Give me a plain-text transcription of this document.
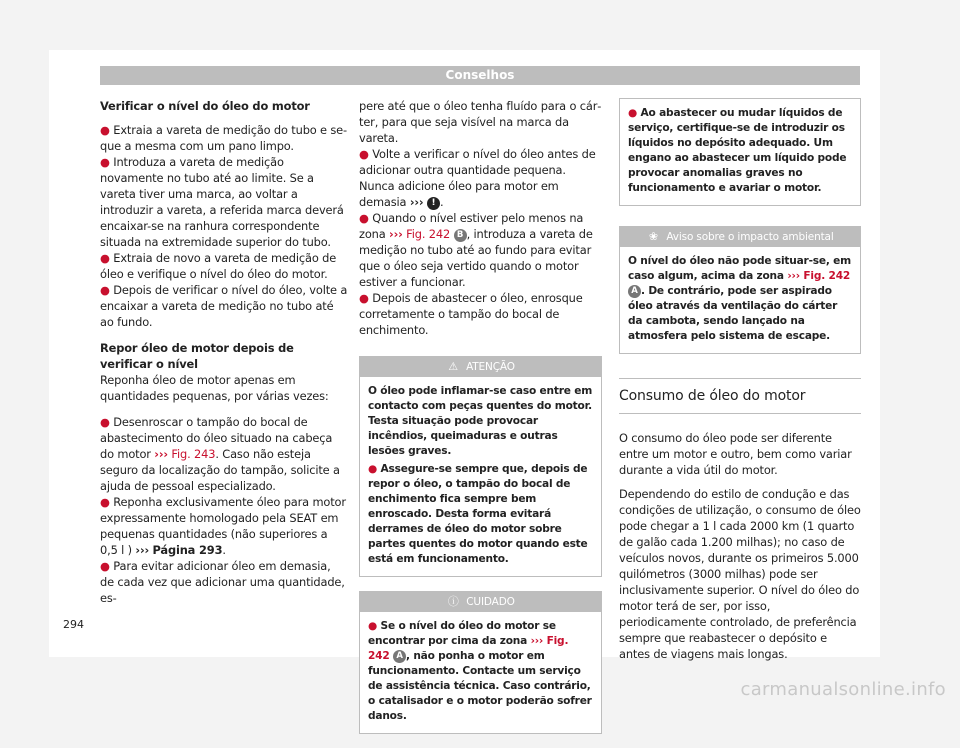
Conselhos

Verificar o nível do óleo do motor

● Extraia a vareta de medição do tubo e seque a mesma com um pano limpo.

● Introduza a vareta de medição novamente no tubo até ao limite. Se a vareta tiver uma marca, ao voltar a introduzir a vareta, a referida marca deverá encaixar-se na ranhura correspondente situada na extremidade superior do tubo.

● Extraia de novo a vareta de medição de óleo e verifique o nível do óleo do motor.

● Depois de verificar o nível do óleo, volte a encaixar a vareta de medição no tubo até ao fundo.

Repor óleo de motor depois de verificar o nível

Reponha óleo de motor apenas em quantidades pequenas, por várias vezes:

● Desenroscar o tampão do bocal de abastecimento do óleo situado na cabeça do motor ››› Fig. 243. Caso não esteja seguro da localização do tampão, solicite a ajuda de pessoal especializado.

● Reponha exclusivamente óleo para motor expressamente homologado pela SEAT em pequenas quantidades (não superiores a 0,5 l ) ››› Página 293.

● Para evitar adicionar óleo em demasia, de cada vez que adicionar uma quantidade, es-

pere até que o óleo tenha fluído para o cárter, para que seja visível na marca da vareta.

● Volte a verificar o nível do óleo antes de adicionar outra quantidade pequena. Nunca adicione óleo para motor em demasia ››› ! .

● Quando o nível estiver pelo menos na zona ››› Fig. 242 B , introduza a vareta de medição no tubo até ao fundo para evitar que o óleo seja vertido quando o motor estiver a funcionar.

● Depois de abastecer o óleo, enrosque corretamente o tampão do bocal de enchimento.

⚠ ATENÇÃO

O óleo pode inflamar-se caso entre em contacto com peças quentes do motor. Testa situação pode provocar incêndios, queimaduras e outras lesões graves.

● Assegure-se sempre que, depois de repor o óleo, o tampão do bocal de enchimento fica sempre bem enroscado. Desta forma evitará derrames de óleo do motor sobre partes quentes do motor quando este está em funcionamento.

ⓘ CUIDADO

● Se o nível do óleo do motor se encontrar por cima da zona ››› Fig. 242 A , não ponha o motor em funcionamento. Contacte um serviço de assistência técnica. Caso contrário, o catalisador e o motor poderão sofrer danos.

● Ao abastecer ou mudar líquidos de serviço, certifique-se de introduzir os líquidos no depósito adequado. Um engano ao abastecer um líquido pode provocar anomalias graves no funcionamento e avariar o motor.

❀ Aviso sobre o impacto ambiental

O nível do óleo não pode situar-se, em caso algum, acima da zona ››› Fig. 242 A . De contrário, pode ser aspirado óleo através da ventilação do cárter da cambota, sendo lançado na atmosfera pelo sistema de escape.

Consumo de óleo do motor

O consumo do óleo pode ser diferente entre um motor e outro, bem como variar durante a vida útil do motor.

Dependendo do estilo de condução e das condições de utilização, o consumo de óleo pode chegar a 1 l cada 2000 km (1 quarto de galão cada 1.200 milhas); no caso de veículos novos, durante os primeiros 5.000 quilómetros (3000 milhas) pode ser inclusivamente superior. O nível do óleo do motor terá de ser, por isso, periodicamente controlado, de preferência sempre que reabastecer o depósito e antes de viagens mais longas.

294
carmanualsonline.info
